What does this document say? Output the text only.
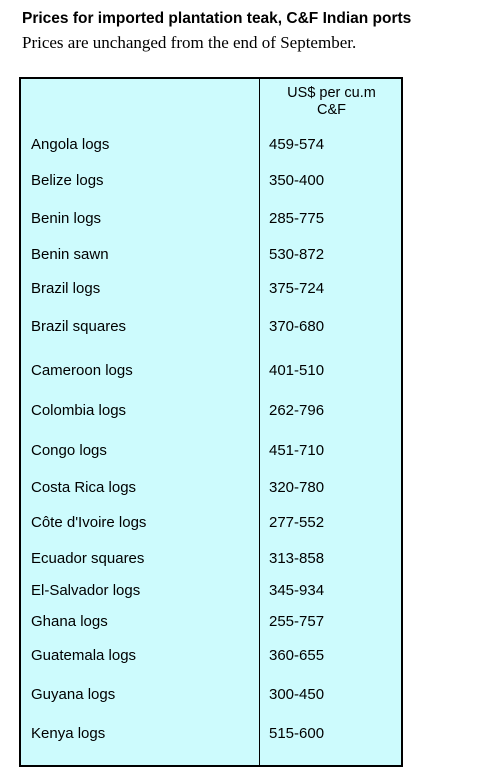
Prices for imported plantation teak, C&F Indian ports
Prices are unchanged from the end of September.
US$ per cu.m
C&F
Angola logs	459-574
Belize logs	350-400
Benin logs	285-775
Benin sawn	530-872
Brazil logs	375-724
Brazil squares	370-680
Cameroon logs	401-510
Colombia logs	262-796
Congo logs	451-710
Costa Rica logs	320-780
Côte d'Ivoire logs	277-552
Ecuador squares	313-858
El-Salvador logs	345-934
Ghana logs	255-757
Guatemala logs	360-655
Guyana logs	300-450
Kenya logs	515-600
